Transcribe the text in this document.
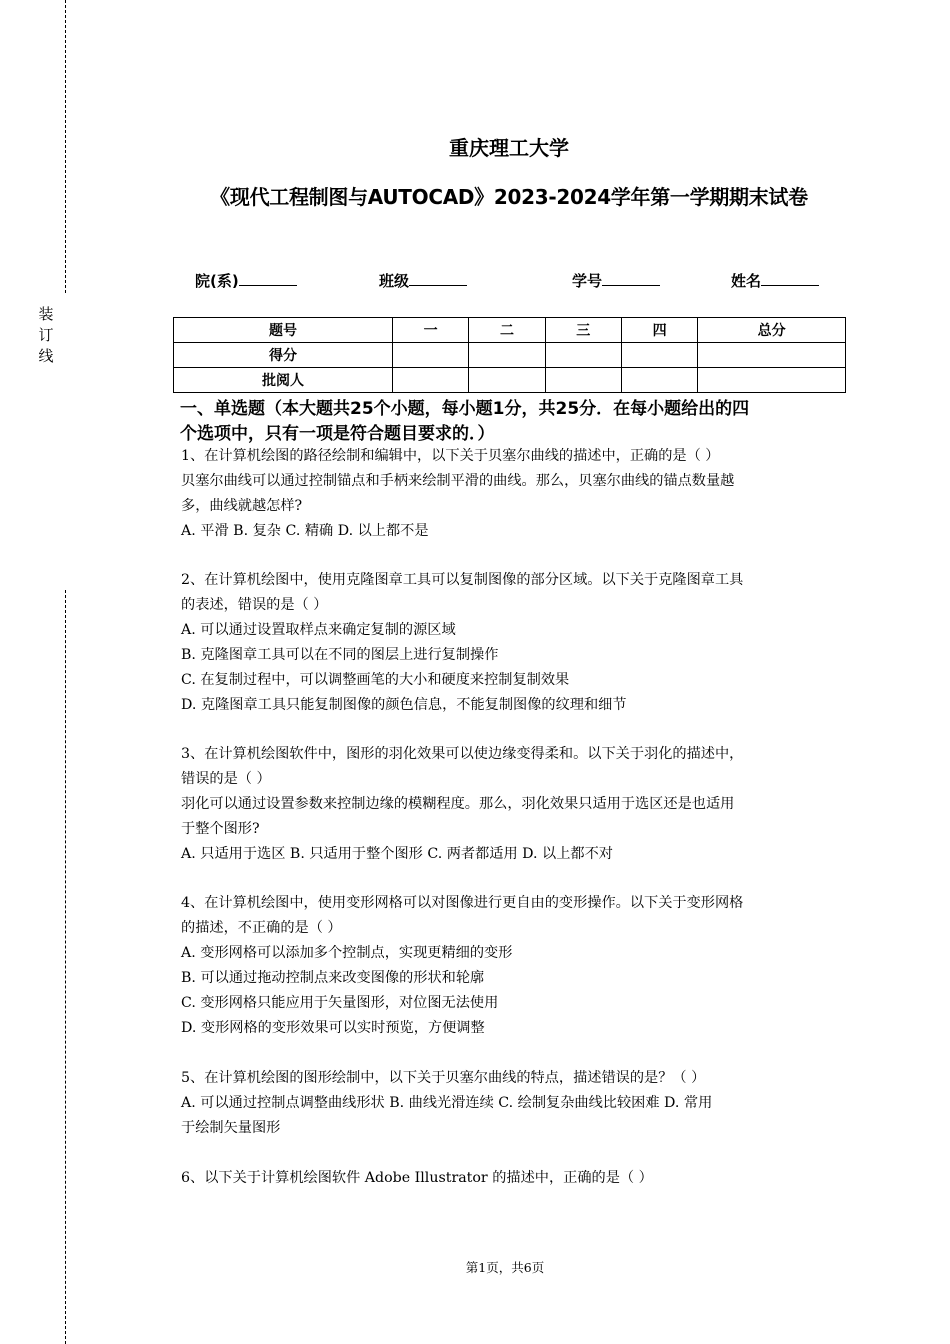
装
订
线
重庆理工大学
《现代工程制图与AUTOCAD》2023-2024学年第一学期期末试卷
院(系)	班级	学号	姓名
题号	一	二	三	四	总分
得分					
批阅人					
一、单选题（本大题共25个小题，每小题1分，共25分．在每小题给出的四
个选项中，只有一项是符合题目要求的．）

1、在计算机绘图的路径绘制和编辑中，以下关于贝塞尔曲线的描述中，正确的是（ ）

贝塞尔曲线可以通过控制锚点和手柄来绘制平滑的曲线。那么，贝塞尔曲线的锚点数量越

多，曲线就越怎样?

A. 平滑 B. 复杂 C. 精确 D. 以上都不是

2、在计算机绘图中，使用克隆图章工具可以复制图像的部分区域。以下关于克隆图章工具

的表述，错误的是（ ）

A. 可以通过设置取样点来确定复制的源区域

B. 克隆图章工具可以在不同的图层上进行复制操作

C. 在复制过程中，可以调整画笔的大小和硬度来控制复制效果

D. 克隆图章工具只能复制图像的颜色信息，不能复制图像的纹理和细节

3、在计算机绘图软件中，图形的羽化效果可以使边缘变得柔和。以下关于羽化的描述中，

错误的是（ ）

羽化可以通过设置参数来控制边缘的模糊程度。那么，羽化效果只适用于选区还是也适用

于整个图形?

A. 只适用于选区 B. 只适用于整个图形 C. 两者都适用 D. 以上都不对

4、在计算机绘图中，使用变形网格可以对图像进行更自由的变形操作。以下关于变形网格

的描述，不正确的是（ ）

A. 变形网格可以添加多个控制点，实现更精细的变形

B. 可以通过拖动控制点来改变图像的形状和轮廓

C. 变形网格只能应用于矢量图形，对位图无法使用

D. 变形网格的变形效果可以实时预览，方便调整

5、在计算机绘图的图形绘制中，以下关于贝塞尔曲线的特点，描述错误的是？（ ）

A. 可以通过控制点调整曲线形状 B. 曲线光滑连续 C. 绘制复杂曲线比较困难 D. 常用

于绘制矢量图形

6、以下关于计算机绘图软件 Adobe Illustrator 的描述中，正确的是（ ）

第1页，共6页
